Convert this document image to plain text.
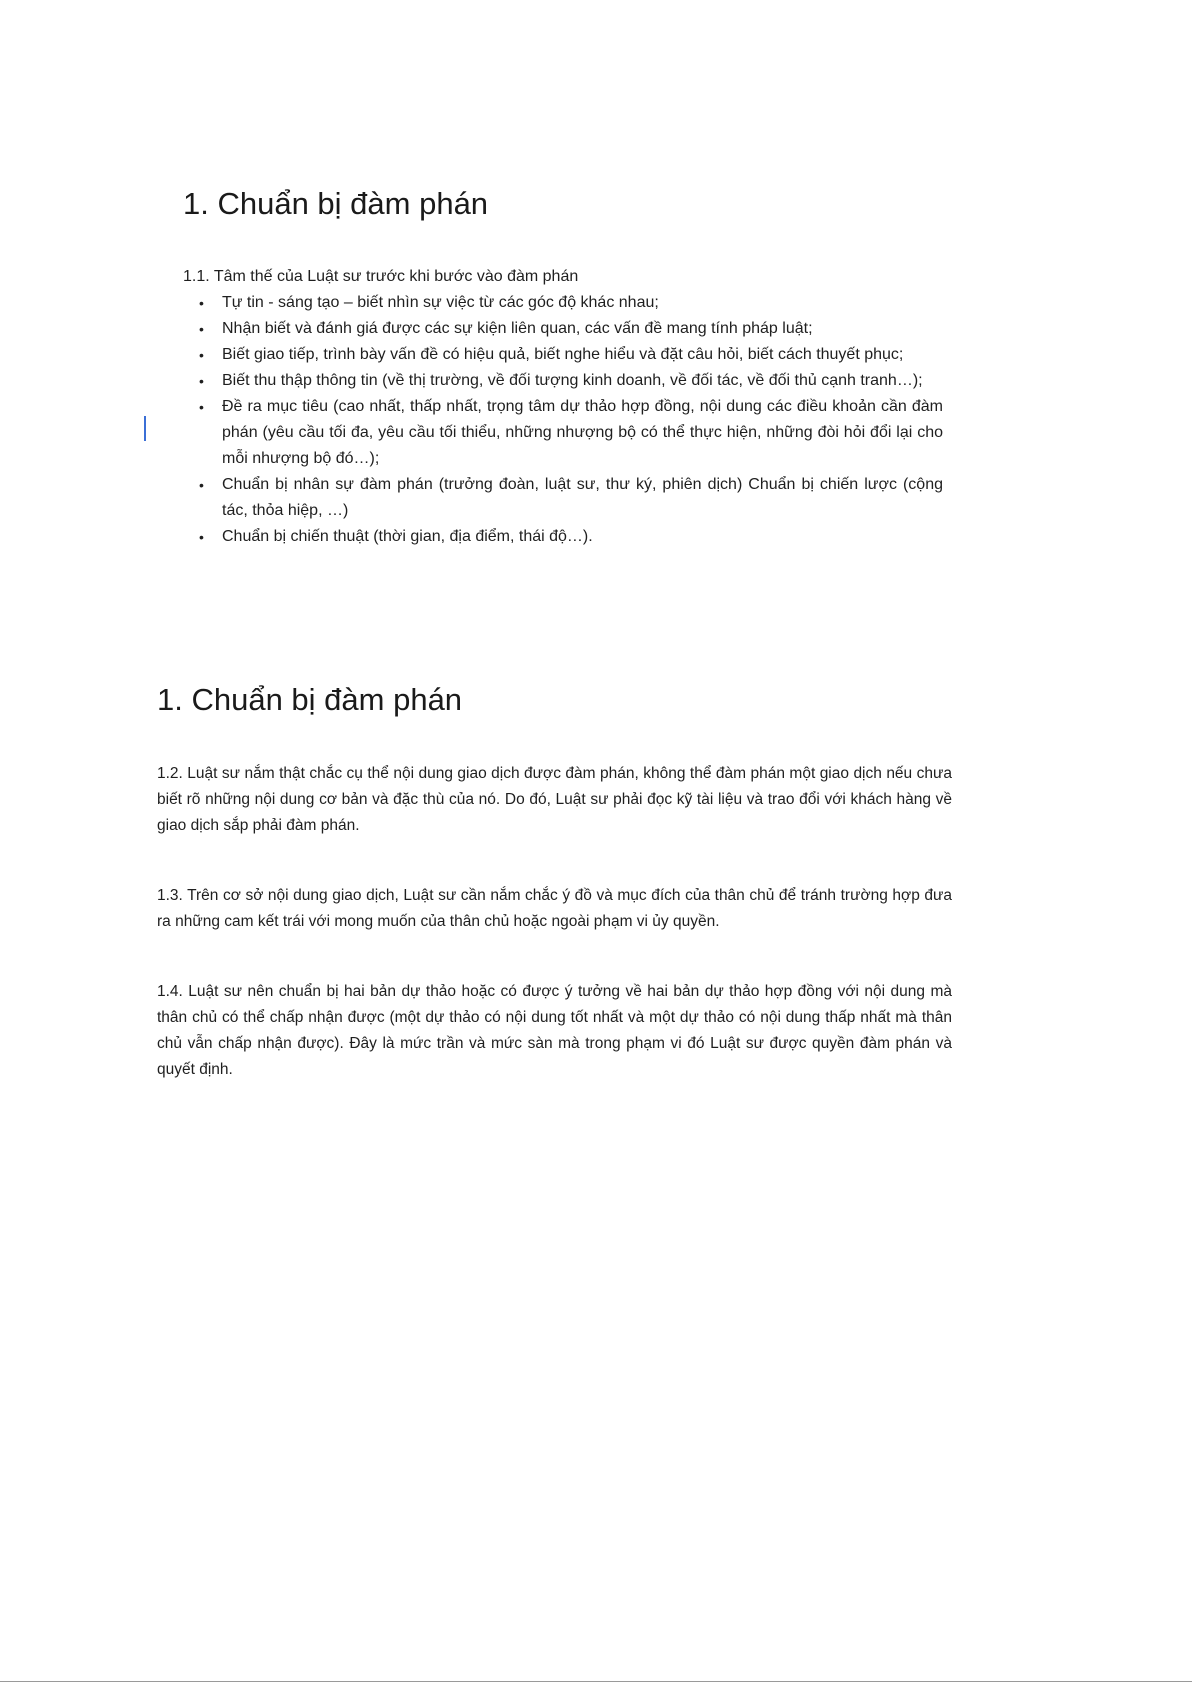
1. Chuẩn bị đàm phán
1.1. Tâm thế của Luật sư trước khi bước vào đàm phán
• Tự tin - sáng tạo – biết nhìn sự việc từ các góc độ khác nhau;
• Nhận biết và đánh giá được các sự kiện liên quan, các vấn đề mang tính pháp luật;
• Biết giao tiếp, trình bày vấn đề có hiệu quả, biết nghe hiểu và đặt câu hỏi, biết cách thuyết phục;
• Biết thu thập thông tin (về thị trường, về đối tượng kinh doanh, về đối tác, về đối thủ cạnh tranh…);
• Đề ra mục tiêu (cao nhất, thấp nhất, trọng tâm dự thảo hợp đồng, nội dung các điều khoản cần đàm phán (yêu cầu tối đa, yêu cầu tối thiểu, những nhượng bộ có thể thực hiện, những đòi hỏi đổi lại cho mỗi nhượng bộ đó…);
• Chuẩn bị nhân sự đàm phán (trưởng đoàn, luật sư, thư ký, phiên dịch) Chuẩn bị chiến lược (cộng tác, thỏa hiệp, …)
• Chuẩn bị chiến thuật (thời gian, địa điểm, thái độ…).
1. Chuẩn bị đàm phán

1.2. Luật sư nắm thật chắc cụ thể nội dung giao dịch được đàm phán, không thể đàm phán một giao dịch nếu chưa biết rõ những nội dung cơ bản và đặc thù của nó. Do đó, Luật sư phải đọc kỹ tài liệu và trao đổi với khách hàng về giao dịch sắp phải đàm phán.

1.3. Trên cơ sở nội dung giao dịch, Luật sư cần nắm chắc ý đồ và mục đích của thân chủ để tránh trường hợp đưa ra những cam kết trái với mong muốn của thân chủ hoặc ngoài phạm vi ủy quyền.

1.4. Luật sư nên chuẩn bị hai bản dự thảo hoặc có được ý tưởng về hai bản dự thảo hợp đồng với nội dung mà thân chủ có thể chấp nhận được (một dự thảo có nội dung tốt nhất và một dự thảo có nội dung thấp nhất mà thân chủ vẫn chấp nhận được). Đây là mức trần và mức sàn mà trong phạm vi đó Luật sư được quyền đàm phán và quyết định.
